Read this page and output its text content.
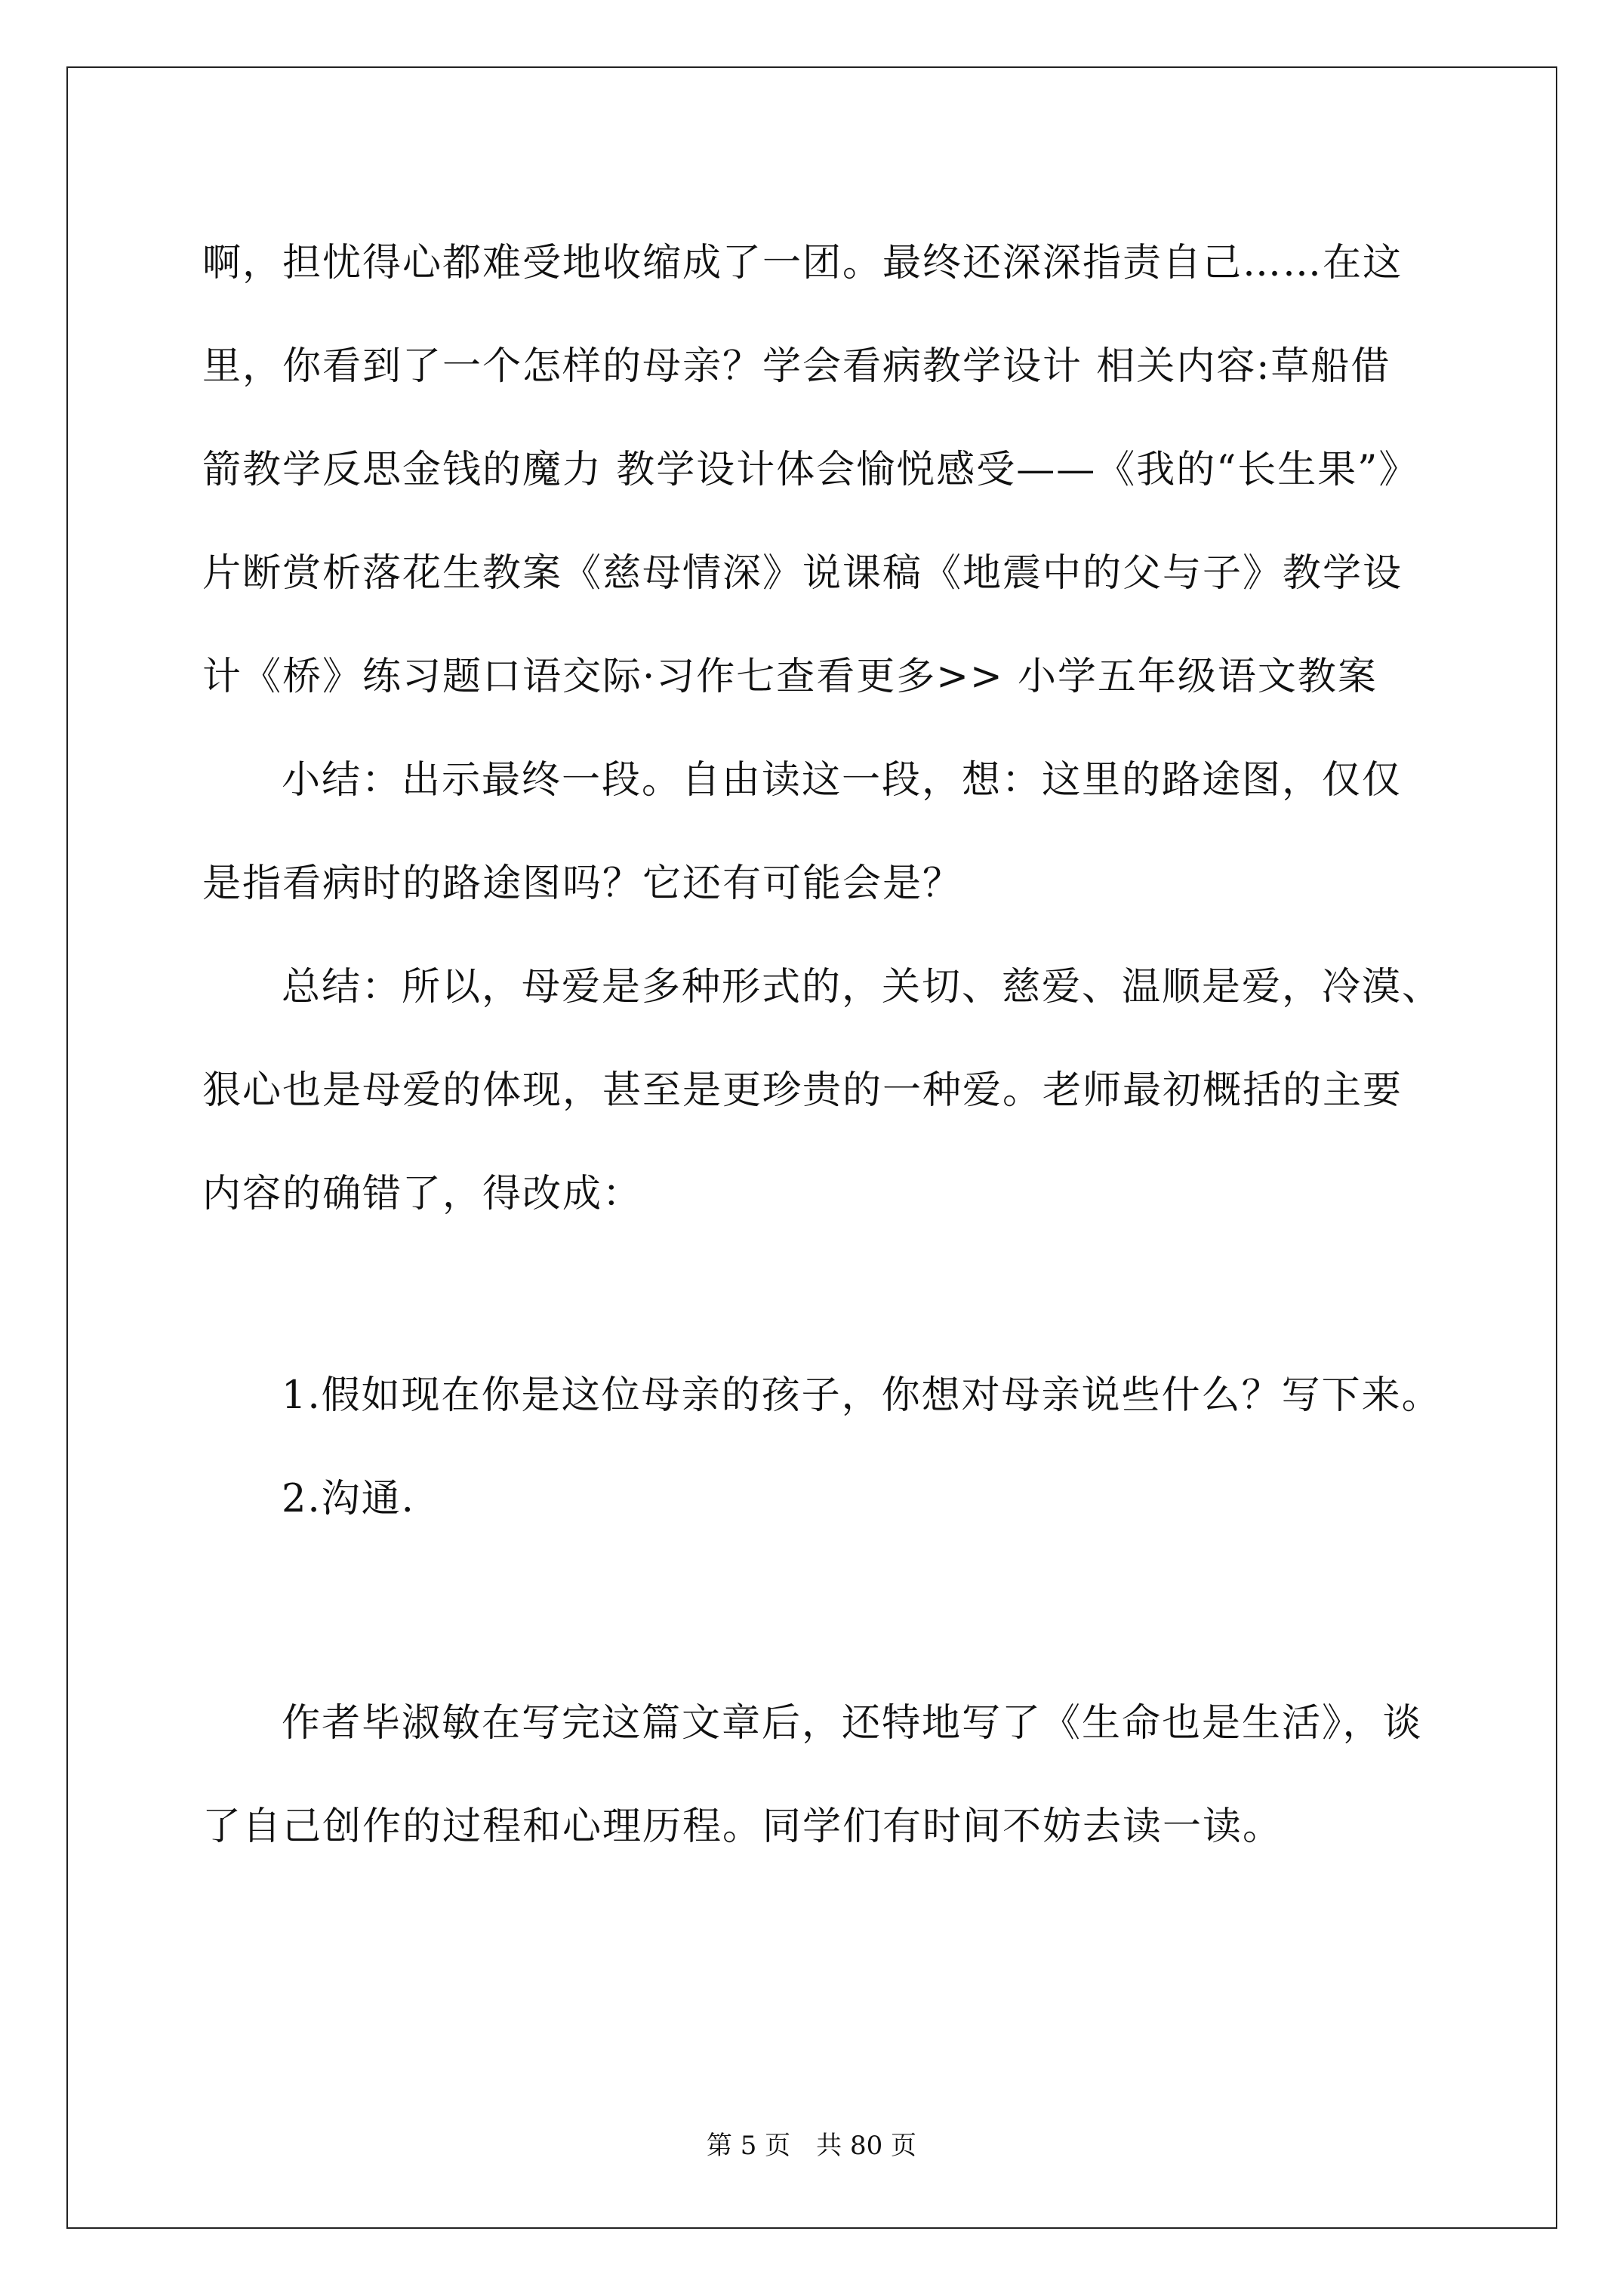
啊，担忧得心都难受地收缩成了一团。最终还深深指责自己……在这
里，你看到了一个怎样的母亲？学会看病教学设计 相关内容:草船借
箭教学反思金钱的魔力 教学设计体会愉悦感受——《我的“长生果”》
片断赏析落花生教案《慈母情深》说课稿《地震中的父与子》教学设
计《桥》练习题口语交际·习作七查看更多>> 小学五年级语文教案
小结：出示最终一段。自由读这一段，想：这里的路途图，仅仅
是指看病时的路途图吗？它还有可能会是？
总结：所以，母爱是多种形式的，关切、慈爱、温顺是爱，冷漠、
狠心也是母爱的体现，甚至是更珍贵的一种爱。老师最初概括的主要
内容的确错了，得改成：
1.假如现在你是这位母亲的孩子，你想对母亲说些什么？写下来。
2.沟通.
作者毕淑敏在写完这篇文章后，还特地写了《生命也是生活》，谈
了自己创作的过程和心理历程。同学们有时间不妨去读一读。
第 5 页　共 80 页
